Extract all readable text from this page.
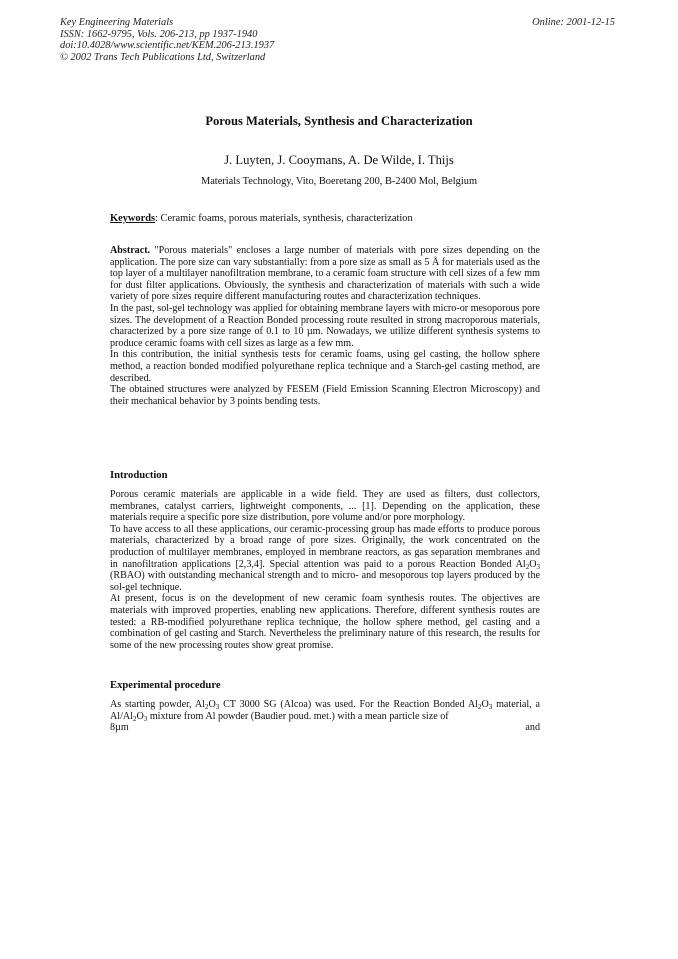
Key Engineering Materials
ISSN: 1662-9795, Vols. 206-213, pp 1937-1940
doi:10.4028/www.scientific.net/KEM.206-213.1937
© 2002 Trans Tech Publications Ltd, Switzerland
Online: 2001-12-15
Porous Materials, Synthesis and Characterization
J. Luyten, J. Cooymans, A. De Wilde, I. Thijs
Materials Technology, Vito, Boeretang 200, B-2400 Mol, Belgium
Keywords: Ceramic foams, porous materials, synthesis, characterization

Abstract. "Porous materials" encloses a large number of materials with pore sizes depending on the application. The pore size can vary substantially: from a pore size as small as 5 Å for materials used as the top layer of a multilayer nanofiltration membrane, to a ceramic foam structure with cell sizes of a few mm for dust filter applications. Obviously, the synthesis and characterization of materials with such a wide variety of pore sizes require different manufacturing routes and characterization techniques.

In the past, sol-gel technology was applied for obtaining membrane layers with micro-or mesoporous pore sizes. The development of a Reaction Bonded processing route resulted in strong macroporous materials, characterized by a pore size range of 0.1 to 10 µm. Nowadays, we utilize different synthesis systems to produce ceramic foams with cell sizes as large as a few mm.

In this contribution, the initial synthesis tests for ceramic foams, using gel casting, the hollow sphere method, a reaction bonded modified polyurethane replica technique and a Starch-gel casting method, are described.

The obtained structures were analyzed by FESEM (Field Emission Scanning Electron Microscopy) and their mechanical behavior by 3 points bending tests.

Introduction

Porous ceramic materials are applicable in a wide field. They are used as filters, dust collectors, membranes, catalyst carriers, lightweight components, ... [1]. Depending on the application, these materials require a specific pore size distribution, pore volume and/or pore morphology.

To have access to all these applications, our ceramic-processing group has made efforts to produce porous materials, characterized by a broad range of pore sizes. Originally, the work concentrated on the production of multilayer membranes, employed in membrane reactors, as gas separation membranes and in nanofiltration applications [2,3,4]. Special attention was paid to a porous Reaction Bonded $Al_2O_3$ (RBAO) with outstanding mechanical strength and to micro- and mesoporous top layers produced by the sol-gel technique.

At present, focus is on the development of new ceramic foam synthesis routes. The objectives are materials with improved properties, enabling new applications. Therefore, different synthesis routes are tested: a RB-modified polyurethane replica technique, the hollow sphere method, gel casting and a combination of gel casting and Starch. Nevertheless the preliminary nature of this research, the results for some of the new processing routes show great promise.

Experimental procedure

As starting powder, $Al_2O_3$ CT 3000 SG (Alcoa) was used. For the Reaction Bonded $Al_2O_3$ material, a $Al/Al_2O_3$ mixture from Al powder (Baudier poud. met.) with a mean particle size of

8µm	and
